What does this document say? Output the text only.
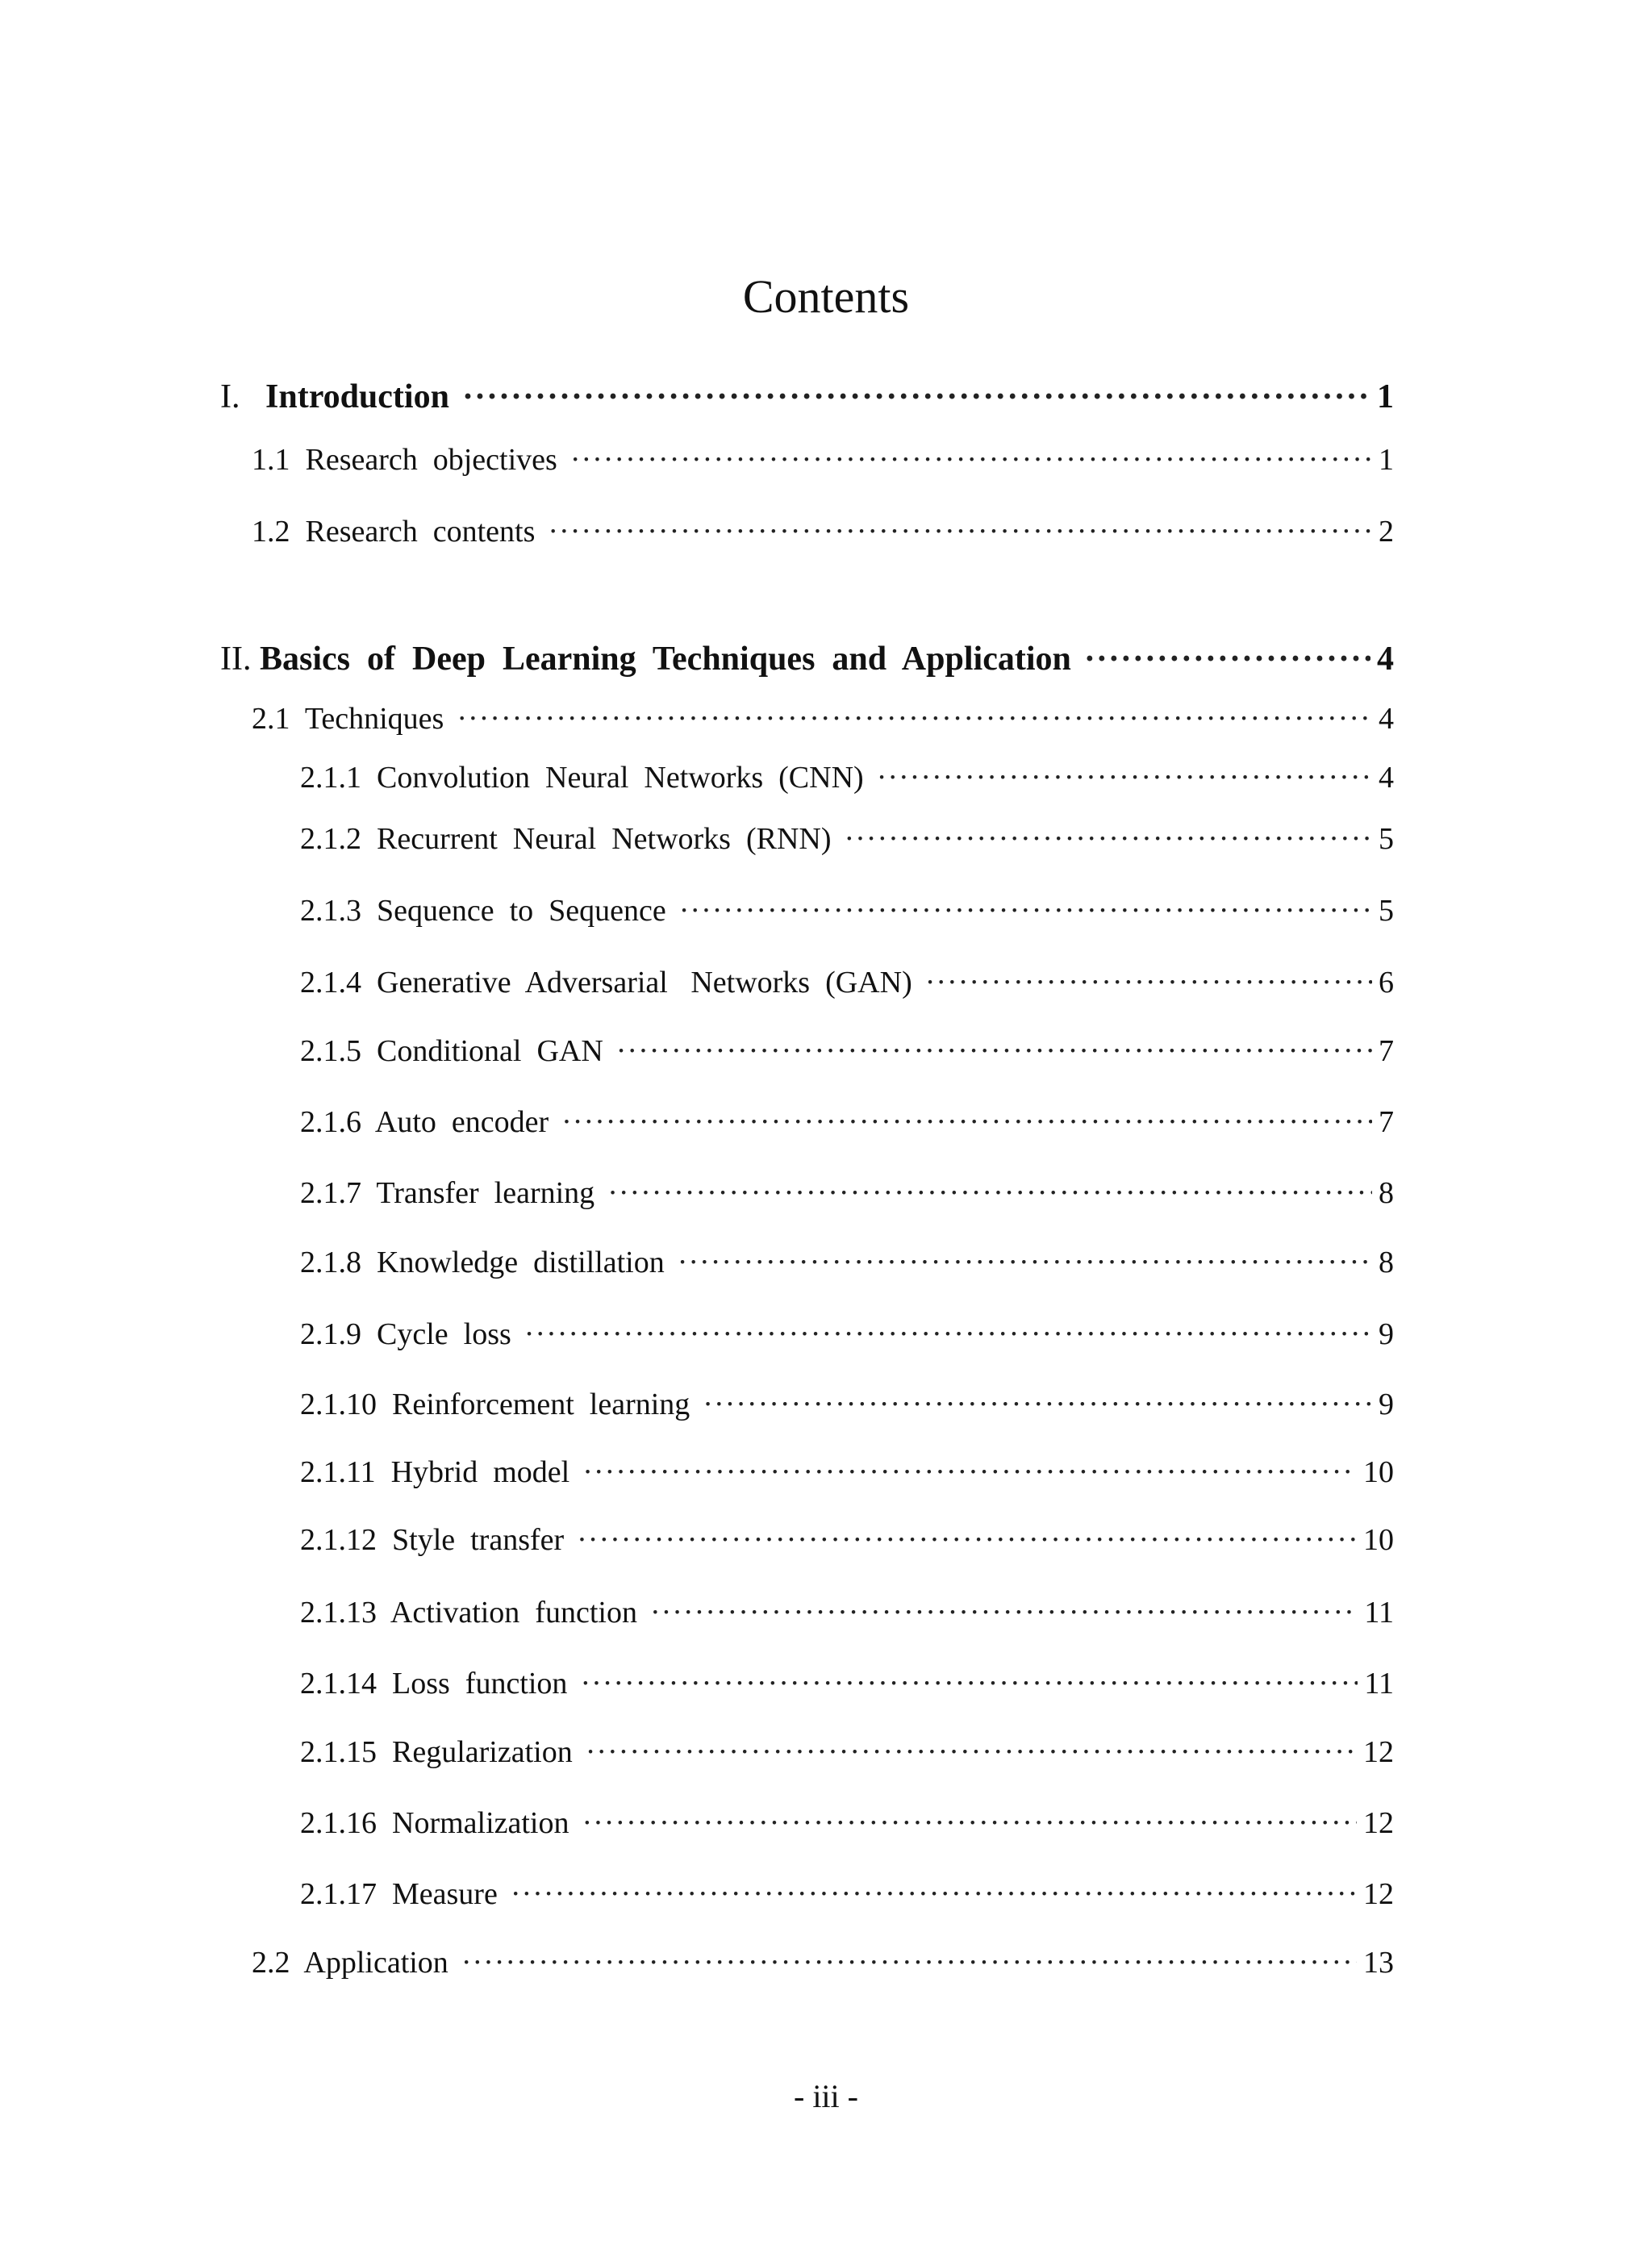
Contents
I. Introduction ·····	1
1.1  Research  objectives ·····	1
1.2  Research  contents ·····	2
II. Basics  of  Deep  Learning  Techniques  and  Application ·····	4
2.1  Techniques ·····	4
2.1.1  Convolution  Neural  Networks  (CNN) ·····	4
2.1.2  Recurrent  Neural  Networks  (RNN) ·····	5
2.1.3  Sequence  to  Sequence ·····	5
2.1.4  Generative  Adversarial   Networks  (GAN) ·····	6
2.1.5  Conditional  GAN ·····	7
2.1.6  Auto  encoder ·····	7
2.1.7  Transfer  learning ·····	8
2.1.8  Knowledge  distillation ·····	8
2.1.9  Cycle  loss ·····	9
2.1.10  Reinforcement  learning ·····	9
2.1.11  Hybrid  model ·····	10
2.1.12  Style  transfer ·····	10
2.1.13  Activation  function ·····	11
2.1.14  Loss  function ·····	11
2.1.15  Regularization ·····	12
2.1.16  Normalization ·····	12
2.1.17  Measure ·····	12
2.2  Application ·····	13
- iii -
